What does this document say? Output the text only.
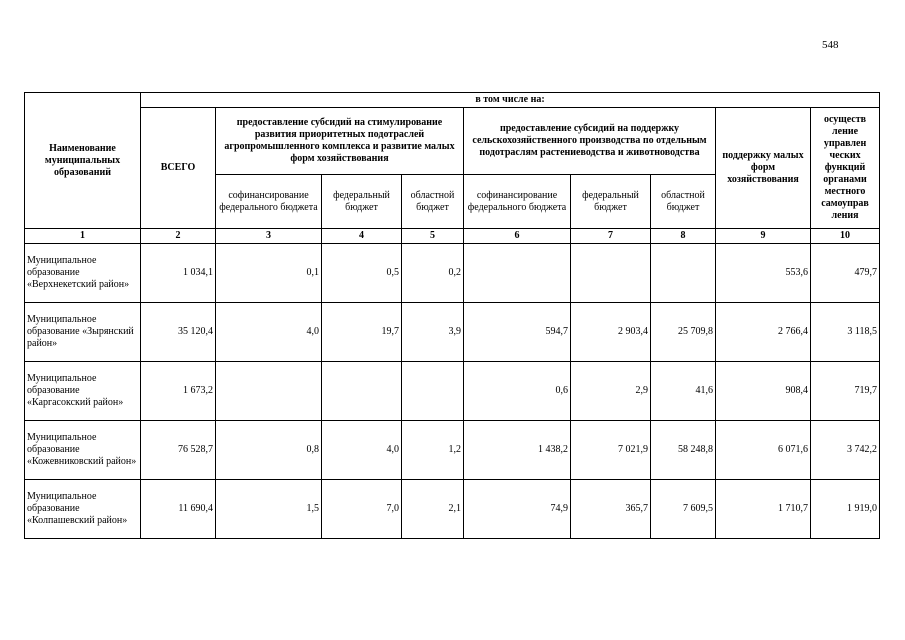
548
Наименование муниципальных образований	в том числе на:								
	ВСЕГО	предоставление субсидий на стимулирование развития приоритетных подотраслей агропромышленного комплекса и развитие малых форм хозяйствования			предоставление субсидий на поддержку сельскохозяйственного производства по отдельным подотраслям растениеводства и животноводства			поддержку малых форм хозяйствования	осуществ ление управлен ческих функций органами местного самоуправ ления
		софинансирование федерального бюджета	федеральный бюджет	областной бюджет	софинансирование федерального бюджета	федеральный бюджет	областной бюджет		
1	2	3	4	5	6	7	8	9	10
Муниципальное образование «Верхнекетский район»	1 034,1	0,1	0,5	0,2				553,6	479,7
Муниципальное образование «Зырянский район»	35 120,4	4,0	19,7	3,9	594,7	2 903,4	25 709,8	2 766,4	3 118,5
Муниципальное образование «Каргасокский район»	1 673,2				0,6	2,9	41,6	908,4	719,7
Муниципальное образование «Кожевниковский район»	76 528,7	0,8	4,0	1,2	1 438,2	7 021,9	58 248,8	6 071,6	3 742,2
Муниципальное образование «Колпашевский район»	11 690,4	1,5	7,0	2,1	74,9	365,7	7 609,5	1 710,7	1 919,0
